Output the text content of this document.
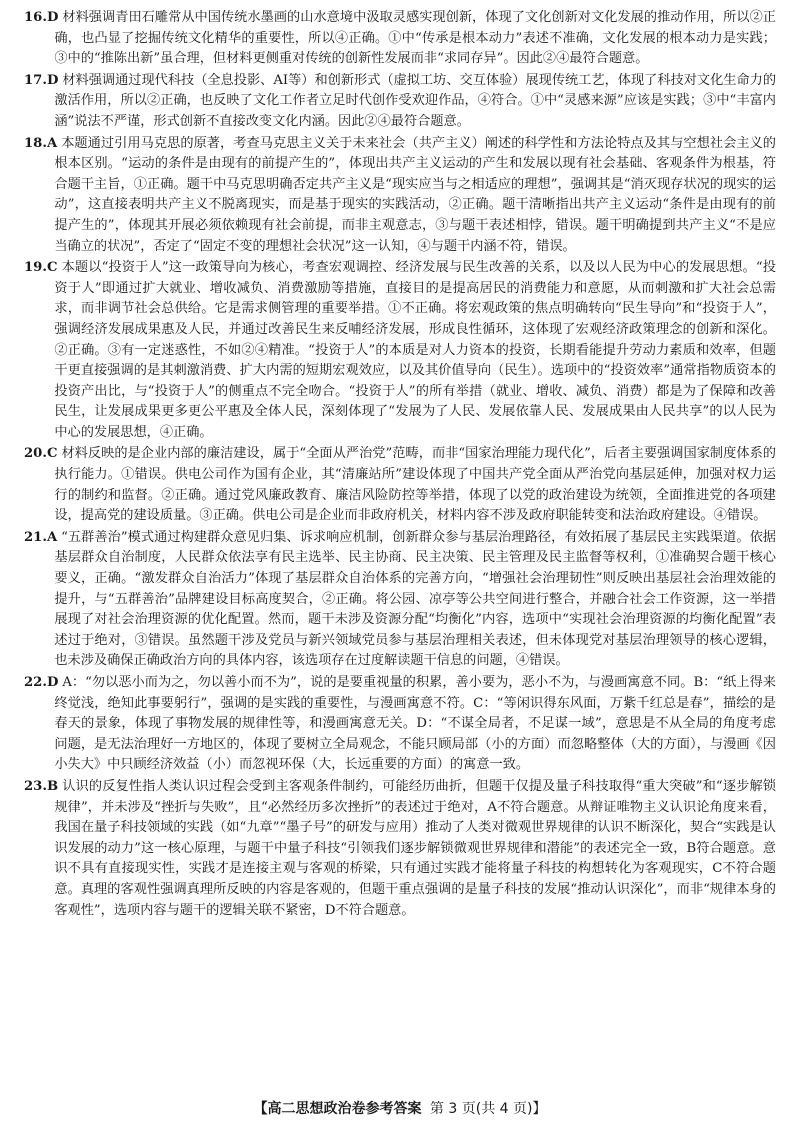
16.D 材料强调青田石雕常从中国传统水墨画的山水意境中汲取灵感实现创新，体现了文化创新对文化发展的推动作用，所以②正确，也凸显了挖掘传统文化精华的重要性，所以④正确。①中“传承是根本动力”表述不准确，文化发展的根本动力是实践；③中的“推陈出新”虽合理，但材料更侧重对传统的创新性发展而非“求同存异”。因此②④最符合题意。

17.D 材料强调通过现代科技（全息投影、AI等）和创新形式（虚拟工坊、交互体验）展现传统工艺，体现了科技对文化生命力的激活作用，所以②正确，也反映了文化工作者立足时代创作受欢迎作品，④符合。①中“灵感来源”应该是实践；③中“丰富内涵”说法不严谨，形式创新不直接改变文化内涵。因此②④最符合题意。

18.A 本题通过引用马克思的原著，考查马克思主义关于未来社会（共产主义）阐述的科学性和方法论特点及其与空想社会主义的根本区别。“运动的条件是由现有的前提产生的”，体现出共产主义运动的产生和发展以现有社会基础、客观条件为根基，符合题干主旨，①正确。题干中马克思明确否定共产主义是“现实应当与之相适应的理想”，强调其是“消灭现存状况的现实的运动”，这直接表明共产主义不脱离现实，而是基于现实的实践活动，②正确。题干清晰指出共产主义运动“条件是由现有的前提产生的”，体现其开展必须依赖现有社会前提，而非主观意志，③与题干表述相悖，错误。题干明确提到共产主义“不是应当确立的状况”，否定了“固定不变的理想社会状况”这一认知，④与题干内涵不符，错误。

19.C 本题以“投资于人”这一政策导向为核心，考查宏观调控、经济发展与民生改善的关系，以及以人民为中心的发展思想。“投资于人”即通过扩大就业、增收减负、消费激励等措施，直接目的是提高居民的消费能力和意愿，从而刺激和扩大社会总需求，而非调节社会总供给。它是需求侧管理的重要举措。①不正确。将宏观政策的焦点明确转向“民生导向”和“投资于人”，强调经济发展成果惠及人民，并通过改善民生来反哺经济发展，形成良性循环，这体现了宏观经济政策理念的创新和深化。②正确。③有一定迷惑性，不如②④精准。“投资于人”的本质是对人力资本的投资，长期看能提升劳动力素质和效率，但题干更直接强调的是其刺激消费、扩大内需的短期宏观效应，以及其价值导向（民生）。选项中的“投资效率”通常指物质资本的投资产出比，与“投资于人”的侧重点不完全吻合。“投资于人”的所有举措（就业、增收、减负、消费）都是为了保障和改善民生，让发展成果更多更公平惠及全体人民，深刻体现了“发展为了人民、发展依靠人民、发展成果由人民共享”的以人民为中心的发展思想，④正确。

20.C 材料反映的是企业内部的廉洁建设，属于“全面从严治党”范畴，而非“国家治理能力现代化”，后者主要强调国家制度体系的执行能力。①错误。供电公司作为国有企业，其“清廉站所”建设体现了中国共产党全面从严治党向基层延伸，加强对权力运行的制约和监督。②正确。通过党风廉政教育、廉洁风险防控等举措，体现了以党的政治建设为统领，全面推进党的各项建设，提高党的建设质量。③正确。供电公司是企业而非政府机关，材料内容不涉及政府职能转变和法治政府建设。④错误。

21.A “五群善治”模式通过构建群众意见归集、诉求响应机制，创新群众参与基层治理路径，有效拓展了基层民主实践渠道。依据基层群众自治制度，人民群众依法享有民主选举、民主协商、民主决策、民主管理及民主监督等权利，①准确契合题干核心要义，正确。“激发群众自治活力”体现了基层群众自治体系的完善方向，“增强社会治理韧性”则反映出基层社会治理效能的提升，与“五群善治”品牌建设目标高度契合，②正确。将公园、凉亭等公共空间进行整合，并融合社会工作资源，这一举措展现了对社会治理资源的优化配置。然而，题干未涉及资源分配“均衡化”内容，选项中“实现社会治理资源的均衡化配置”表述过于绝对，③错误。虽然题干涉及党员与新兴领域党员参与基层治理相关表述，但未体现党对基层治理领导的核心逻辑，也未涉及确保正确政治方向的具体内容，该选项存在过度解读题干信息的问题，④错误。

22.D A：“勿以恶小而为之，勿以善小而不为”，说的是要重视量的积累，善小要为，恶小不为，与漫画寓意不同。B：“纸上得来终觉浅，绝知此事要躬行”，强调的是实践的重要性，与漫画寓意不符。C：“等闲识得东风面，万紫千红总是春”，描绘的是春天的景象，体现了事物发展的规律性等，和漫画寓意无关。D：“不谋全局者，不足谋一域”，意思是不从全局的角度考虑问题，是无法治理好一方地区的，体现了要树立全局观念，不能只顾局部（小的方面）而忽略整体（大的方面），与漫画《因小失大》中只顾经济效益（小）而忽视环保（大，长远重要的方面）的寓意一致。

23.B 认识的反复性指人类认识过程会受到主客观条件制约，可能经历曲折，但题干仅提及量子科技取得“重大突破”和“逐步解锁规律”，并未涉及“挫折与失败”，且“必然经历多次挫折”的表述过于绝对，A不符合题意。从辩证唯物主义认识论角度来看，我国在量子科技领域的实践（如“九章”“墨子号”的研发与应用）推动了人类对微观世界规律的认识不断深化，契合“实践是认识发展的动力”这一核心原理，与题干中量子科技“引领我们逐步解锁微观世界规律和潜能”的表述完全一致，B符合题意。意识不具有直接现实性，实践才是连接主观与客观的桥梁，只有通过实践才能将量子科技的构想转化为客观现实，C不符合题意。真理的客观性强调真理所反映的内容是客观的，但题干重点强调的是量子科技的发展“推动认识深化”，而非“规律本身的客观性”，选项内容与题干的逻辑关联不紧密，D不符合题意。

【高二思想政治卷参考答案 第 3 页(共 4 页)】
